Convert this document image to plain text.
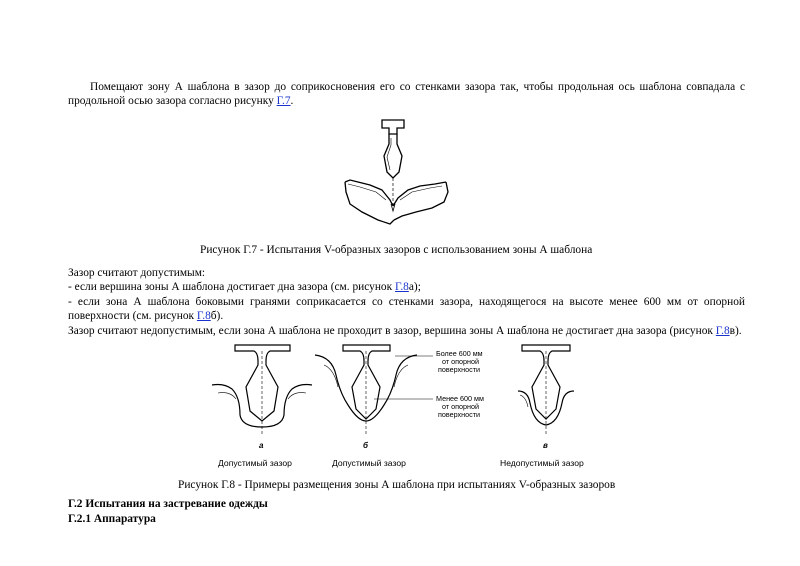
Помещают зону А шаблона в зазор до соприкосновения его со стенками зазора так, чтобы продольная ось шаблона совпадала с продольной осью зазора согласно рисунку Г.7.
Рисунок Г.7 - Испытания V-образных зазоров с использованием зоны А шаблона
Зазор считают допустимым:
- если вершина зоны А шаблона достигает дна зазора (см. рисунок Г.8а);
- если зона А шаблона боковыми гранями соприкасается со стенками зазора, находящегося на высоте менее 600 мм от опорной поверхности (см. рисунок Г.8б).
Зазор считают недопустимым, если зона А шаблона не проходит в зазор, вершина зоны А шаблона не достигает дна зазора (рисунок Г.8в).
Более 600 мм
от опорной
поверхности
Менее 600 мм
от опорной
поверхности
а	б	в
Допустимый зазор	Допустимый зазор	Недопустимый зазор
Рисунок Г.8 - Примеры размещения зоны А шаблона при испытаниях V-образных зазоров
Г.2 Испытания на застревание одежды
Г.2.1 Аппаратура
